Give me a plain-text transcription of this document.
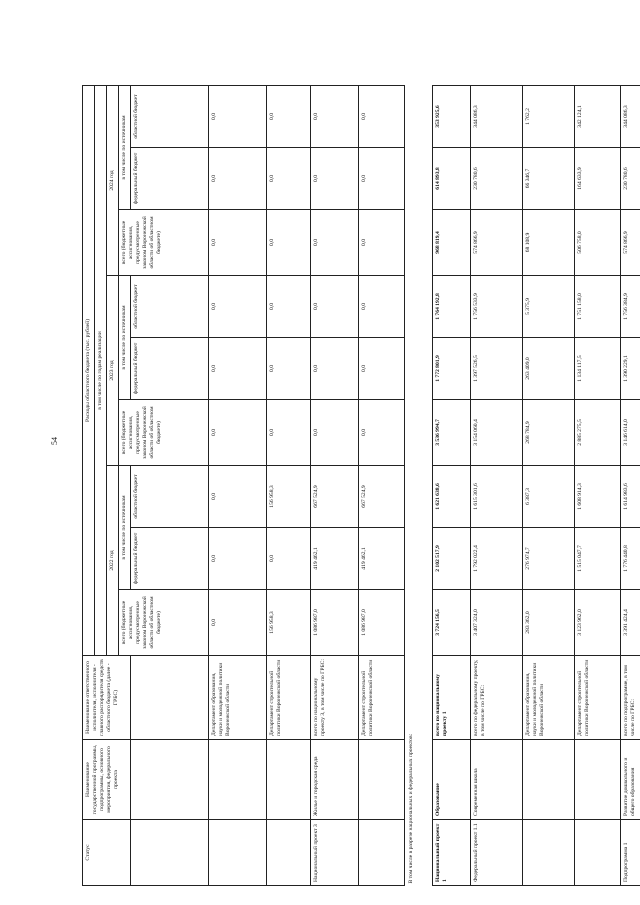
54
Статус	Наименование государственной программы, подпрограммы, основного мероприятия, федерального проекта	Наименование ответственного исполнителя, исполнителя - главного распорядителя средств областного бюджета (далее - ГРБС)	Расходы областного бюджета (тыс. рублей)								
			в том числе по годам реализации								
			2022 год			2023 год			2024 год		
			всего (бюджетные ассигнования, предусмотренные законом Воронежской области об областном бюджете)	в том числе по источникам		всего (бюджетные ассигнования, предусмотренные законом Воронежской области об областном бюджете)	в том числе по источникам		всего (бюджетные ассигнования, предусмотренные законом Воронежской области об областном бюджете)	в том числе по источникам	
				федеральный бюджет	областной бюджет		федеральный бюджет	областной бюджет		федеральный бюджет	областной бюджет
		Департамент образования, науки и молодежной политики Воронежской области	0,0	0,0	0,0	0,0	0,0	0,0	0,0	0,0	0,0
		Департамент строительной политики Воронежской области	156 958,3	0,0	156 958,3	0,0	0,0	0,0	0,0	0,0	0,0
Национальный проект 3	Жилье и городская среда	всего по национальному проекту 3, в том числе по ГРБС:	1 086 987,0	419 462,1	667 524,9	0,0	0,0	0,0	0,0	0,0	0,0
		Департамент строительной политики Воронежской области	1 086 987,0	419 462,1	667 524,9	0,0	0,0	0,0	0,0	0,0	0,0
В том числе в разрезе национальных и федеральных проектов:											
Национальный проект 1	Образование	всего по национальному проекту 1	3 724 156,5	2 102 517,9	1 621 638,6	3 536 994,7	1 772 801,9	1 764 192,8	968 819,4	614 893,8	353 925,6
Федеральный проект 1.1	Современная школа	всего по федеральному проекту, в том числе по ГРБС:	3 407 324,0	1 792 022,4	1 615 301,6	3 154 060,4	1 397 526,5	1 756 533,9	574 866,9	230 780,6	344 086,3
		Департамент образования, науки и молодежной политики Воронежской области	283 362,0	276 974,7	6 387,3	268 784,9	263 409,0	5 375,9	68 108,9	66 346,7	1 762,2
		Департамент строительной политики Воронежской области	3 123 962,0	1 515 047,7	1 608 914,3	2 885 275,5	1 134 117,5	1 751 158,0	506 758,0	164 633,9	342 124,1
Подпрограмма 1	Развитие дошкольного и общего образования	всего по подпрограмме, в том числе по ГРБС:	3 391 424,4	1 776 440,8	1 614 983,6	3 146 614,0	1 390 229,1	1 756 384,9	574 866,9	230 780,6	344 086,3
